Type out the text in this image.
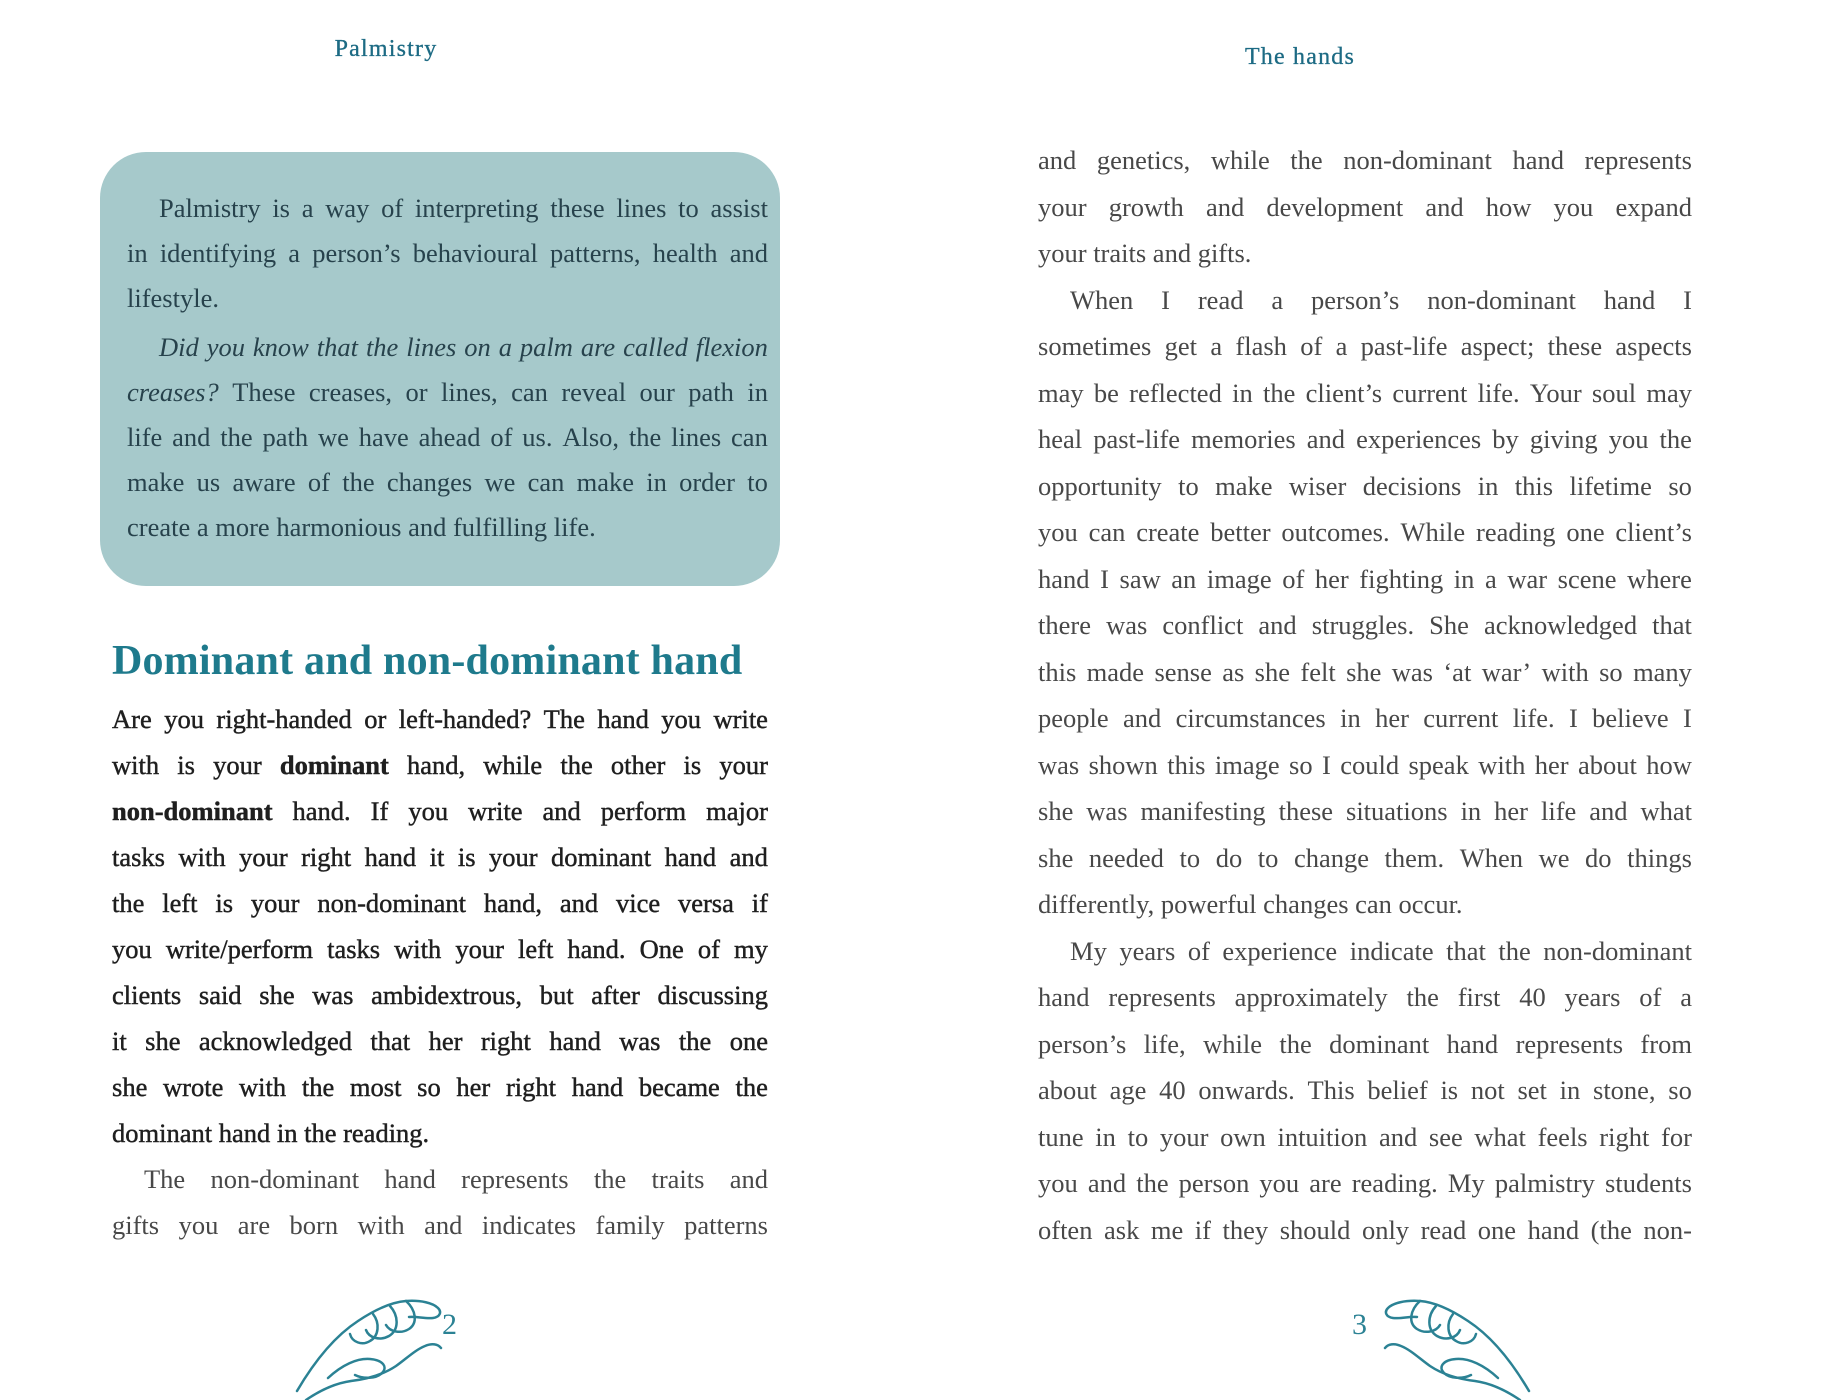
Palmistry
Palmistry is a way of interpreting these lines to assist
in identifying a person’s behavioural patterns, health and
lifestyle.
Did you know that the lines on a palm are called flexion
creases? These creases, or lines, can reveal our path in
life and the path we have ahead of us. Also, the lines can
make us aware of the changes we can make in order to
create a more harmonious and fulfilling life.
Dominant and non-dominant hand
Are you right-handed or left-handed? The hand you write
with is your dominant hand, while the other is your
non-dominant hand. If you write and perform major
tasks with your right hand it is your dominant hand and
the left is your non-dominant hand, and vice versa if
you write/perform tasks with your left hand. One of my
clients said she was ambidextrous, but after discussing
it she acknowledged that her right hand was the one
she wrote with the most so her right hand became the
dominant hand in the reading.
The non-dominant hand represents the traits and
gifts you are born with and indicates family patterns
2
The hands
and genetics, while the non-dominant hand represents
your growth and development and how you expand
your traits and gifts.
When I read a person’s non-dominant hand I
sometimes get a flash of a past-life aspect; these aspects
may be reflected in the client’s current life. Your soul may
heal past-life memories and experiences by giving you the
opportunity to make wiser decisions in this lifetime so
you can create better outcomes. While reading one client’s
hand I saw an image of her fighting in a war scene where
there was conflict and struggles. She acknowledged that
this made sense as she felt she was ‘at war’ with so many
people and circumstances in her current life. I believe I
was shown this image so I could speak with her about how
she was manifesting these situations in her life and what
she needed to do to change them. When we do things
differently, powerful changes can occur.
My years of experience indicate that the non-dominant
hand represents approximately the first 40 years of a
person’s life, while the dominant hand represents from
about age 40 onwards. This belief is not set in stone, so
tune in to your own intuition and see what feels right for
you and the person you are reading. My palmistry students
often ask me if they should only read one hand (the non-
3
